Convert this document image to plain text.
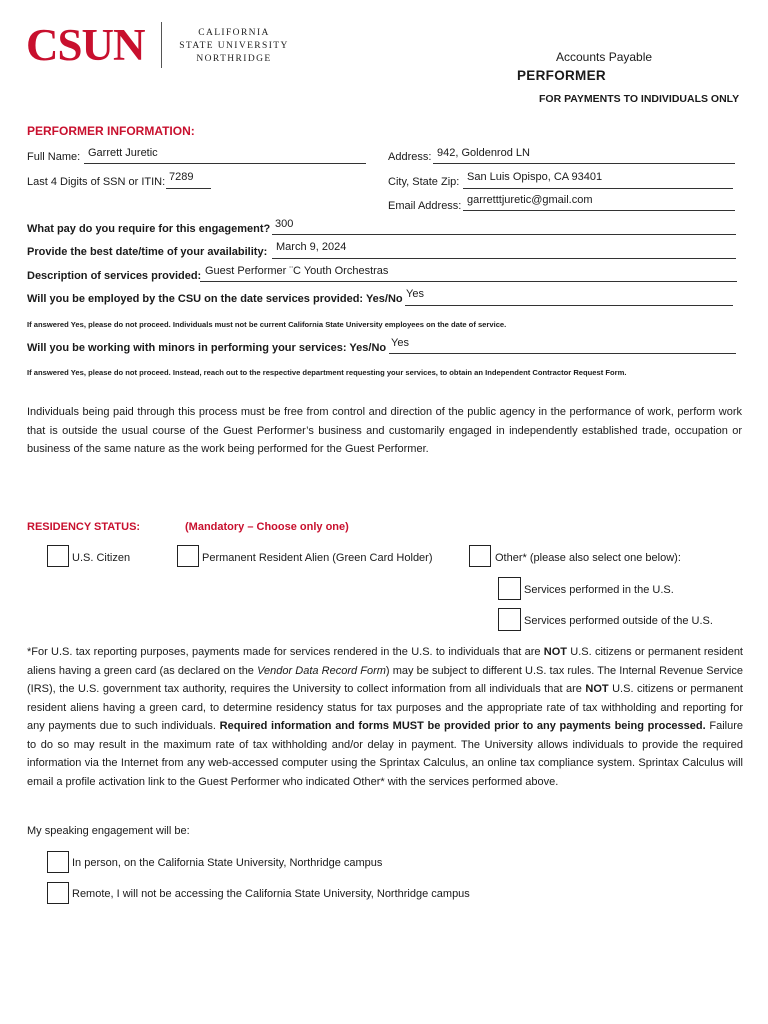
CSUN	CALIFORNIA
STATE UNIVERSITY
NORTHRIDGE	Accounts Payable
PERFORMER
FOR PAYMENTS TO INDIVIDUALS ONLY
PERFORMER INFORMATION:
Full Name: Garrett Juretic
Last 4 Digits of SSN or ITIN: 7289
Address: 942, Goldenrod LN
City, State Zip: San Luis Opispo, CA 93401
Email Address: garretttjuretic@gmail.com
What pay do you require for this engagement? 300
Provide the best date/time of your availability: March 9, 2024
Description of services provided: Guest Performer ¨C Youth Orchestras
Will you be employed by the CSU on the date services provided: Yes/No Yes
If answered Yes, please do not proceed. Individuals must not be current California State University employees on the date of service.
Will you be working with minors in performing your services: Yes/No Yes
If answered Yes, please do not proceed. Instead, reach out to the respective department requesting your services, to obtain an Independent Contractor Request Form.
Individuals being paid through this process must be free from control and direction of the public agency in the performance of work, perform work that is outside the usual course of the Guest Performer’s business and customarily engaged in independently established trade, occupation or business of the same nature as the work being performed for the Guest Performer.
RESIDENCY STATUS:	(Mandatory – Choose only one)
U.S. Citizen	Permanent Resident Alien (Green Card Holder)	Other* (please also select one below):
Services performed in the U.S.
Services performed outside of the U.S.
*For U.S. tax reporting purposes, payments made for services rendered in the U.S. to individuals that are NOT U.S. citizens or permanent resident aliens having a green card (as declared on the Vendor Data Record Form) may be subject to different U.S. tax rules. The Internal Revenue Service (IRS), the U.S. government tax authority, requires the University to collect information from all individuals that are NOT U.S. citizens or permanent resident aliens having a green card, to determine residency status for tax purposes and the appropriate rate of tax withholding and reporting for any payments due to such individuals. Required information and forms MUST be provided prior to any payments being processed. Failure to do so may result in the maximum rate of tax withholding and/or delay in payment. The University allows individuals to provide the required information via the Internet from any web-accessed computer using the Sprintax Calculus, an online tax compliance system. Sprintax Calculus will email a profile activation link to the Guest Performer who indicated Other* with the services performed above.
My speaking engagement will be:
In person, on the California State University, Northridge campus
Remote, I will not be accessing the California State University, Northridge campus
